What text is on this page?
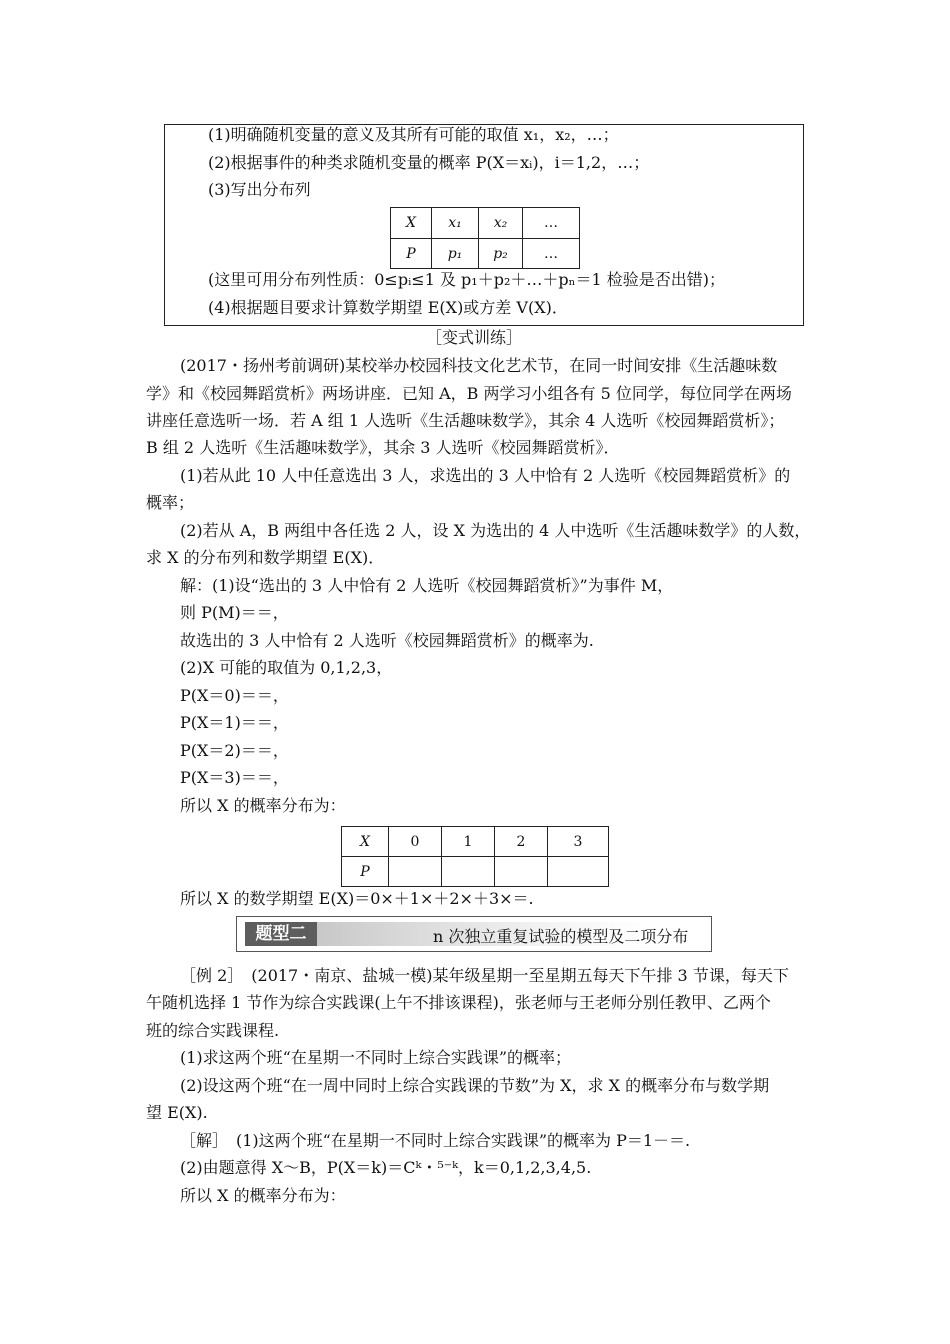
(1)明确随机变量的意义及其所有可能的取值 x₁，x₂，…；
(2)根据事件的种类求随机变量的概率 P(X＝xᵢ)，i＝1,2，…；
(3)写出分布列
X	x₁	x₂	…
P	p₁	p₂	…
(这里可用分布列性质：0≤pᵢ≤1 及 p₁＋p₂＋…＋pₙ＝1 检验是否出错)；
(4)根据题目要求计算数学期望 E(X)或方差 V(X)．
［变式训练］
(2017・扬州考前调研)某校举办校园科技文化艺术节，在同一时间安排《生活趣味数
学》和《校园舞蹈赏析》两场讲座．已知 A，B 两学习小组各有 5 位同学，每位同学在两场
讲座任意选听一场．若 A 组 1 人选听《生活趣味数学》，其余 4 人选听《校园舞蹈赏析》；
B 组 2 人选听《生活趣味数学》，其余 3 人选听《校园舞蹈赏析》．
(1)若从此 10 人中任意选出 3 人，求选出的 3 人中恰有 2 人选听《校园舞蹈赏析》的
概率；
(2)若从 A，B 两组中各任选 2 人，设 X 为选出的 4 人中选听《生活趣味数学》的人数，
求 X 的分布列和数学期望 E(X)．
解：(1)设“选出的 3 人中恰有 2 人选听《校园舞蹈赏析》”为事件 M，
则 P(M)＝＝，
故选出的 3 人中恰有 2 人选听《校园舞蹈赏析》的概率为.
(2)X 可能的取值为 0,1,2,3，
P(X＝0)＝＝，
P(X＝1)＝＝，
P(X＝2)＝＝，
P(X＝3)＝＝，
所以 X 的概率分布为：
X	0	1	2	3
P				
所以 X 的数学期望 E(X)＝0×＋1×＋2×＋3×＝.
题型二	n 次独立重复试验的模型及二项分布
［例 2］　(2017・南京、盐城一模)某年级星期一至星期五每天下午排 3 节课，每天下
午随机选择 1 节作为综合实践课(上午不排该课程)，张老师与王老师分别任教甲、乙两个
班的综合实践课程.
(1)求这两个班“在星期一不同时上综合实践课”的概率；
(2)设这两个班“在一周中同时上综合实践课的节数”为 X，求 X 的概率分布与数学期
望 E(X).
［解］　(1)这两个班“在星期一不同时上综合实践课”的概率为 P＝1－＝.
(2)由题意得 X～B，P(X＝k)＝Cᵏ・⁵⁻ᵏ，k＝0,1,2,3,4,5.
所以 X 的概率分布为：
